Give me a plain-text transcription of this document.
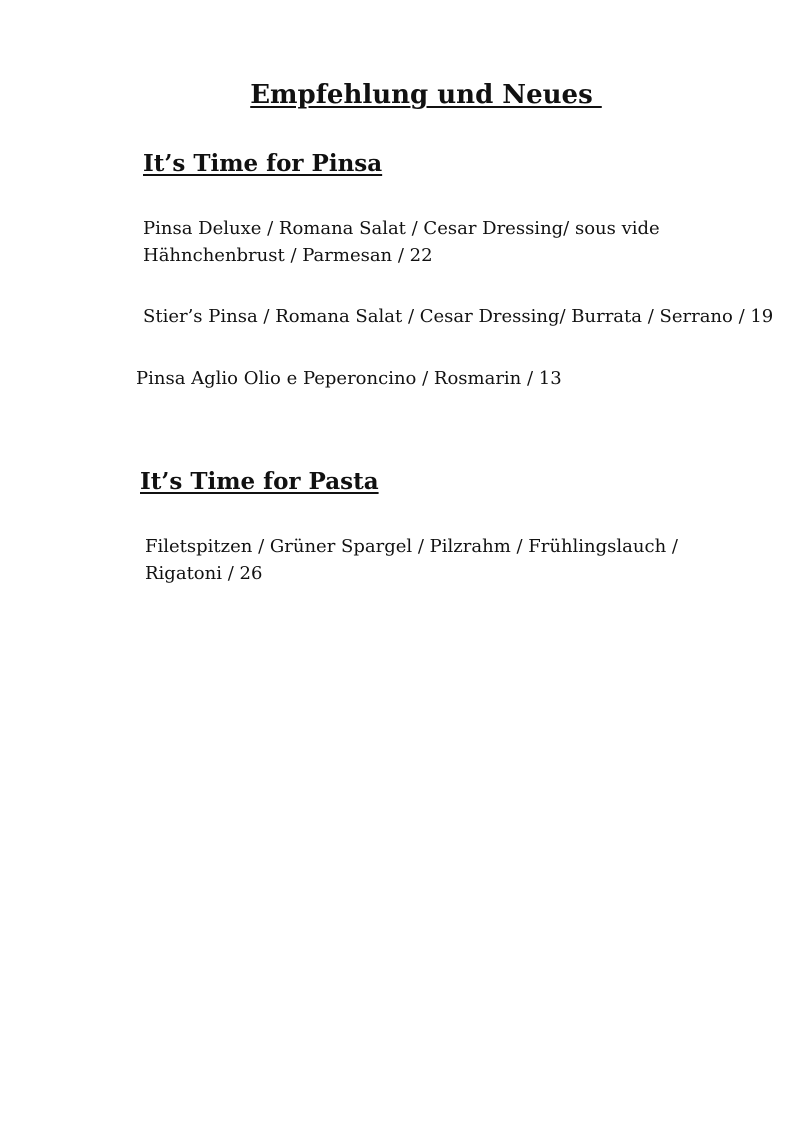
Empfehlung und Neues
It’s Time for Pinsa

Pinsa Deluxe / Romana Salat / Cesar Dressing/ sous vide

Hähnchenbrust / Parmesan / 22

Stier’s Pinsa / Romana Salat / Cesar Dressing/ Burrata / Serrano / 19

Pinsa Aglio Olio e Peperoncino / Rosmarin / 13

It’s Time for Pasta

Filetspitzen / Grüner Spargel / Pilzrahm / Frühlingslauch /

Rigatoni / 26
